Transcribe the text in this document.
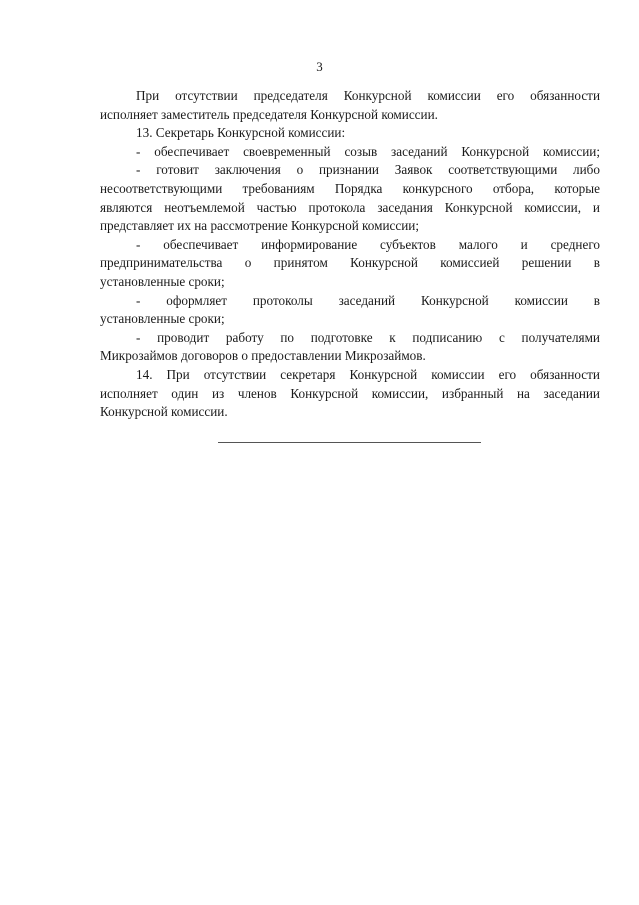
3
При отсутствии председателя Конкурсной комиссии его обязанности
исполняет заместитель председателя Конкурсной комиссии.
13. Секретарь Конкурсной комиссии:
- обеспечивает своевременный созыв заседаний Конкурсной комиссии;
- готовит заключения о признании Заявок соответствующими либо
несоответствующими требованиям Порядка конкурсного отбора, которые
являются неотъемлемой частью протокола заседания Конкурсной комиссии, и
представляет их на рассмотрение Конкурсной комиссии;
- обеспечивает информирование субъектов малого и среднего
предпринимательства о принятом Конкурсной комиссией решении в
установленные сроки;
- оформляет протоколы заседаний Конкурсной комиссии в
установленные сроки;
- проводит работу по подготовке к подписанию с получателями
Микрозаймов договоров о предоставлении Микрозаймов.
14. При отсутствии секретаря Конкурсной комиссии его обязанности
исполняет один из членов Конкурсной комиссии, избранный на заседании
Конкурсной комиссии.
